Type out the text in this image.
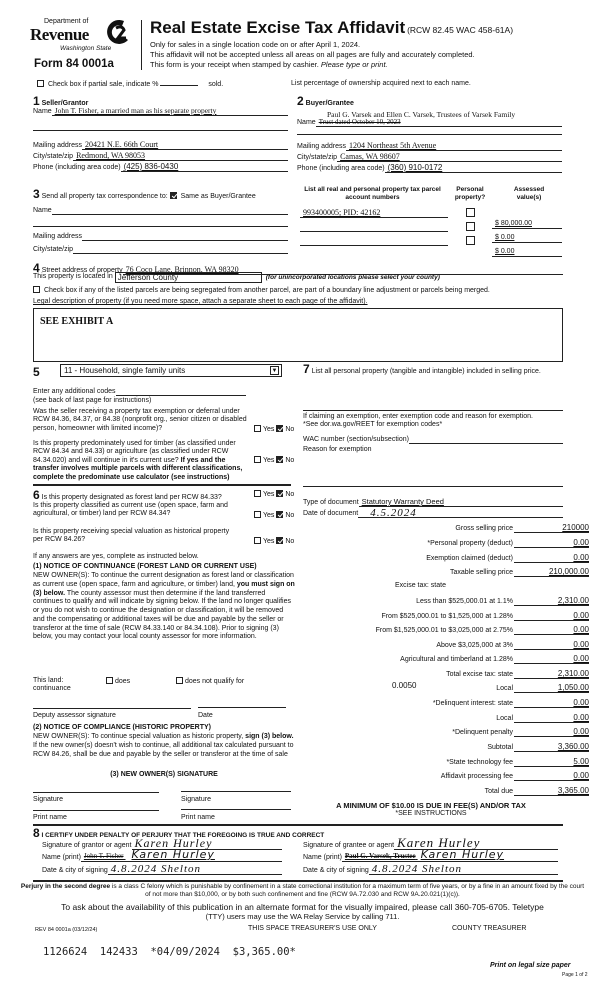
Department of
Revenue
Washington State
Form 84 0001a
Real Estate Excise Tax Affidavit (RCW 82.45 WAC 458-61A)
Only for sales in a single location code on or after April 1, 2024.
This affidavit will not be accepted unless all areas on all pages are fully and accurately completed.
This form is your receipt when stamped by cashier. Please type or print.
Check box if partial sale, indicate %	sold.	List percentage of ownership acquired next to each name.
1 Seller/Grantor
Name John T. Fisher, a married man as his separate property
Mailing address 20421 N.E. 66th Court
City/state/zip Redmond, WA 98053
Phone (including area code) (425) 836-0430
2 Buyer/Grantee
Paul G. Varsek and Ellen C. Varsek, Trustees of Varsek Family
Name Trust dated October 10, 2023
Mailing address 1204 Northeast 5th Avenue
City/state/zip Camas, WA 98607
Phone (including area code) (360) 910-0172
3 Send all property tax correspondence to: Same as Buyer/Grantee
Name
Mailing address
City/state/zip
List all real and personal property tax parcel account numbers
Personal property?
Assessed value(s)
993400005; PID: 42162
$ 80,000.00
$ 0.00
$ 0.00
4 Street address of property 76 Coco Lane, Brinnon, WA 98320
This property is located in Jefferson County	(for unincorporated locations please select your county)
Check box if any of the listed parcels are being segregated from another parcel, are part of a boundary line adjustment or parcels being merged.
Legal description of property (if you need more space, attach a separate sheet to each page of the affidavit).
SEE EXHIBIT A
5	11 - Household, single family units	▼
Enter any additional codes
(see back of last page for instructions)
Was the seller receiving a property tax exemption or deferral under RCW 84.36, 84.37, or 84.38 (nonprofit org., senior citizen or disabled person, homeowner with limited income)?	Yes No
Is this property predominately used for timber (as classified under RCW 84.34 and 84.33) or agriculture (as classified under RCW 84.34.020) and will continue in it's current use? If yes and the transfer involves multiple parcels with different classifications, complete the predominate use calculator (see instructions)
Yes No
6 Is this property designated as forest land per RCW 84.33?	Yes No
Is this property classified as current use (open space, farm and agricultural, or timber) land per RCW 84.34?	Yes No
Is this property receiving special valuation as historical property per RCW 84.26?	Yes No
If any answers are yes, complete as instructed below.
(1) NOTICE OF CONTINUANCE (FOREST LAND OR CURRENT USE)
NEW OWNER(S): To continue the current designation as forest land or classification as current use (open space, farm and agriculture, or timber) land, you must sign on (3) below. The county assessor must then determine if the land transferred continues to qualify and will indicate by signing below. If the land no longer qualifies or you do not wish to continue the designation or classification, it will be removed and the compensating or additional taxes will be due and payable by the seller or transferor at the time of sale (RCW 84.33.140 or 84.34.108). Prior to signing (3) below, you may contact your local county assessor for more information.
This land:
continuance
does	does not qualify for
Deputy assessor signature	Date
(2) NOTICE OF COMPLIANCE (HISTORIC PROPERTY)
NEW OWNER(S): To continue special valuation as historic property, sign (3) below. If the new owner(s) doesn't wish to continue, all additional tax calculated pursuant to RCW 84.26, shall be due and payable by the seller or transferor at the time of sale
(3) NEW OWNER(S) SIGNATURE
Signature	Signature
Print name	Print name
7 List all personal property (tangible and intangible) included in selling price.
If claiming an exemption, enter exemption code and reason for exemption. *See dor.wa.gov/REET for exemption codes*
WAC number (section/subsection)
Reason for exemption
Type of document Statutory Warranty Deed
Date of document	4.5.2024
Gross selling price	210000
*Personal property (deduct)	0.00
Exemption claimed (deduct)	0.00
Taxable selling price	210,000.00
Excise tax: state
Less than $525,000.01 at 1.1%	2,310.00
From $525,000.01 to $1,525,000 at 1.28%	0.00
From $1,525,000.01 to $3,025,000 at 2.75%	0.00
Above $3,025,000 at 3%	0.00
Agricultural and timberland at 1.28%	0.00
Total excise tax: state	2,310.00
0.0050	Local	1,050.00
*Delinquent interest: state	0.00
Local	0.00
*Delinquent penalty	0.00
Subtotal	3,360.00
*State technology fee	5.00
Affidavit processing fee	0.00
Total due	3,365.00
A MINIMUM OF $10.00 IS DUE IN FEE(S) AND/OR TAX
*SEE INSTRUCTIONS
8 I CERTIFY UNDER PENALTY OF PERJURY THAT THE FOREGOING IS TRUE AND CORRECT
Signature of grantor or agent Karen Hurley
Name (print) John T. Fisher Karen Hurley
Date & city of signing 4.8.2024 Shelton
Signature of grantee or agent Karen Hurley
Name (print) Paul G. Varsek, Trustee Karen Hurley
Date & city of signing 4.8.2024 Shelton
Perjury in the second degree is a class C felony which is punishable by confinement in a state correctional institution for a maximum term of five years, or by a fine in an amount fixed by the court of not more than $10,000, or by both such confinement and fine (RCW 9A.72.030 and RCW 9A.20.021(1)(c)).
To ask about the availability of this publication in an alternate format for the visually impaired, please call 360-705-6705. Teletype
(TTY) users may use the WA Relay Service by calling 711.
REV 84 0001a (03/12/24)	THIS SPACE TREASURER'S USE ONLY	COUNTY TREASURER
1126624  142433  *04/09/2024  $3,365.00*
Print on legal size paper
Page 1 of 2
